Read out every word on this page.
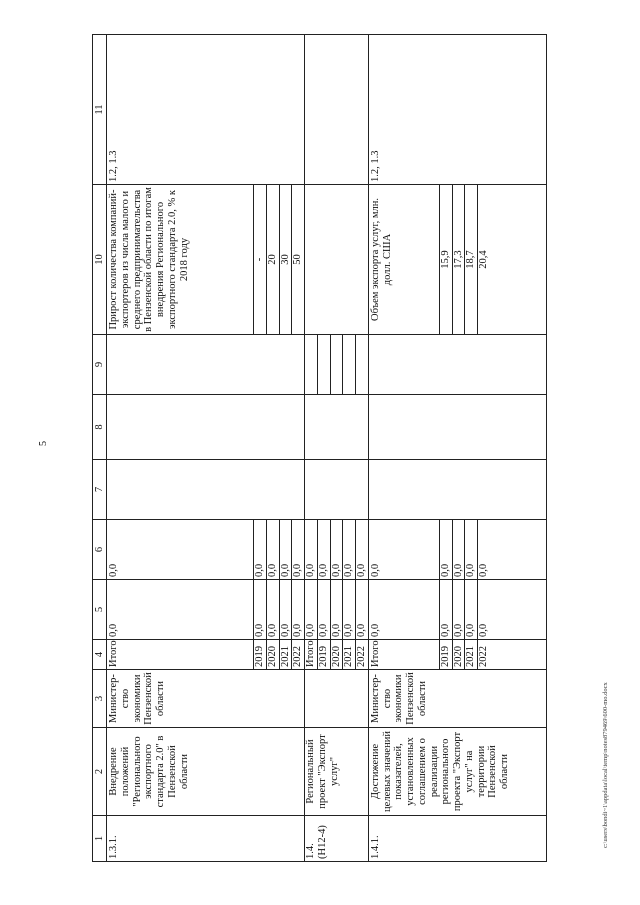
5
c:\users\bondi~1\appdata\local\temp\notes879469\600-mo.docx
1	2	3	4	5	6	7	8	9	10	11
1.3.1.	Внедрение положений "Регионального экспортного стандарта 2.0" в Пензенской области	Министер-ство экономики Пензенской области	Итого	0,0	0,0				Прирост количества компаний-экспортеров из числа малого и среднего предпринимательства в Пензенской области по итогам внедрения Регионального экспортного стандарта 2.0, % к 2018 году	1.2, 1.3
			2019	0,0	0,0				-	
			2020	0,0	0,0				20	
			2021	0,0	0,0				30	
			2022	0,0	0,0				50	
1.4. (Н12-4)	Региональный проект "Экспорт услуг"		Итого	0,0	0,0					
			2019	0,0	0,0					
			2020	0,0	0,0					
			2021	0,0	0,0					
			2022	0,0	0,0					
1.4.1.	Достижение целевых значений показателей, установленных соглашением о реализации регионального проекта "Экспорт услуг" на территории Пензенской области	Министер-ство экономики Пензенской области	Итого	0,0	0,0				Объем экспорта услуг, млн. долл. США	1.2, 1.3
			2019	0,0	0,0				15,9	
			2020	0,0	0,0				17,3	
			2021	0,0	0,0				18,7	
			2022	0,0	0,0				20,4	
